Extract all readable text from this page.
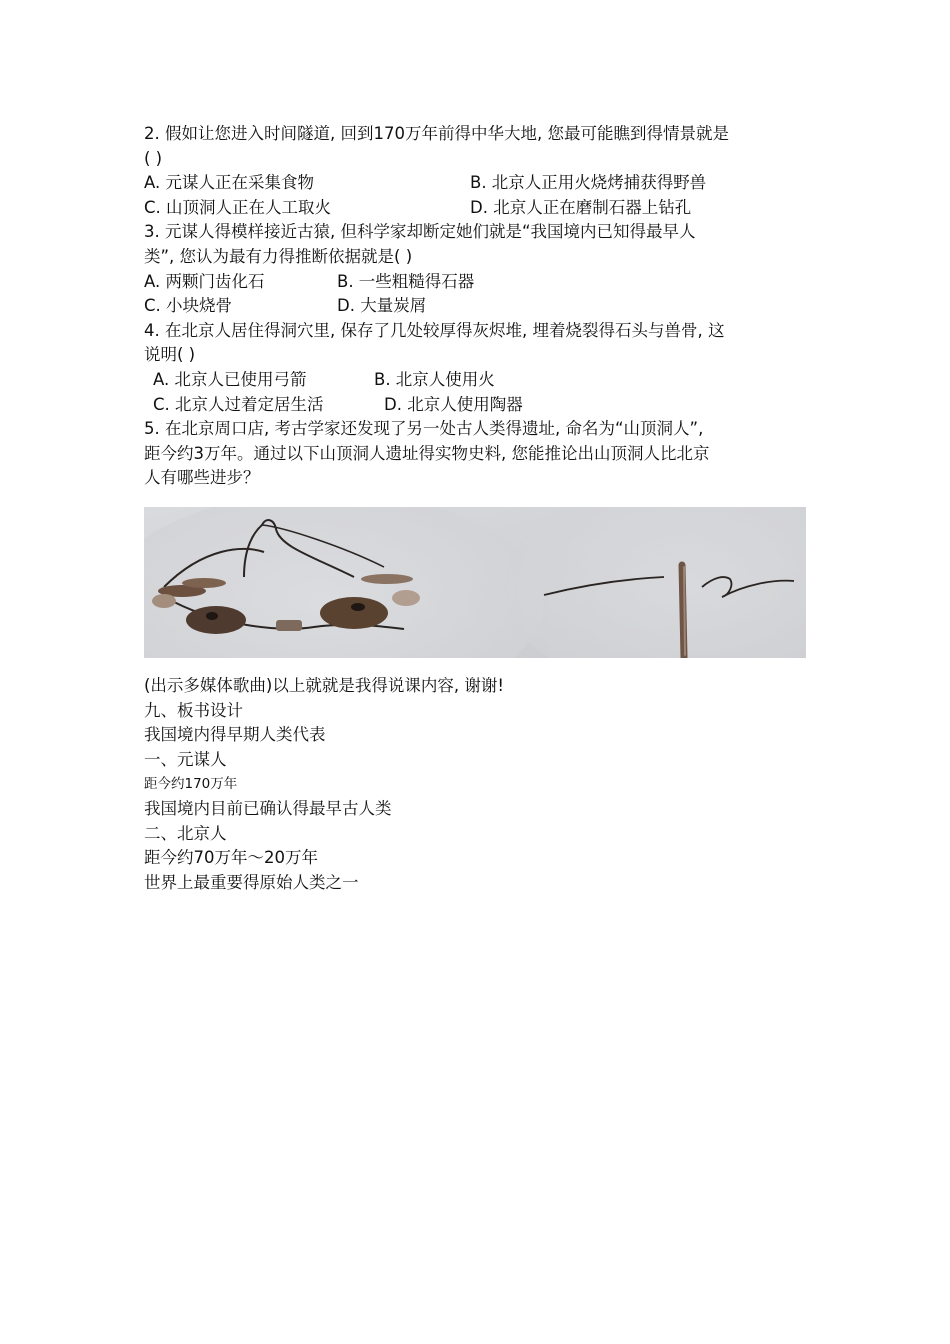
2. 假如让您进入时间隧道, 回到170万年前得中华大地, 您最可能瞧到得情景就是
( )
A. 元谋人正在采集食物	B. 北京人正用火烧烤捕获得野兽
C. 山顶洞人正在人工取火	D. 北京人正在磨制石器上钻孔
3. 元谋人得模样接近古猿, 但科学家却断定她们就是“我国境内已知得最早人
类”, 您认为最有力得推断依据就是( )
A. 两颗门齿化石	B. 一些粗糙得石器
C. 小块烧骨	D. 大量炭屑
4. 在北京人居住得洞穴里, 保存了几处较厚得灰烬堆, 埋着烧裂得石头与兽骨, 这
说明( )
A. 北京人已使用弓箭	B. 北京人使用火
C. 北京人过着定居生活	D. 北京人使用陶器
5. 在北京周口店, 考古学家还发现了另一处古人类得遗址, 命名为“山顶洞人”,
距今约3万年。通过以下山顶洞人遗址得实物史料, 您能推论出山顶洞人比北京
人有哪些进步？
(出示多媒体歌曲)以上就就是我得说课内容, 谢谢!
九、板书设计
我国境内得早期人类代表
一、元谋人
距今约170万年
我国境内目前已确认得最早古人类
二、北京人
距今约70万年～20万年
世界上最重要得原始人类之一
